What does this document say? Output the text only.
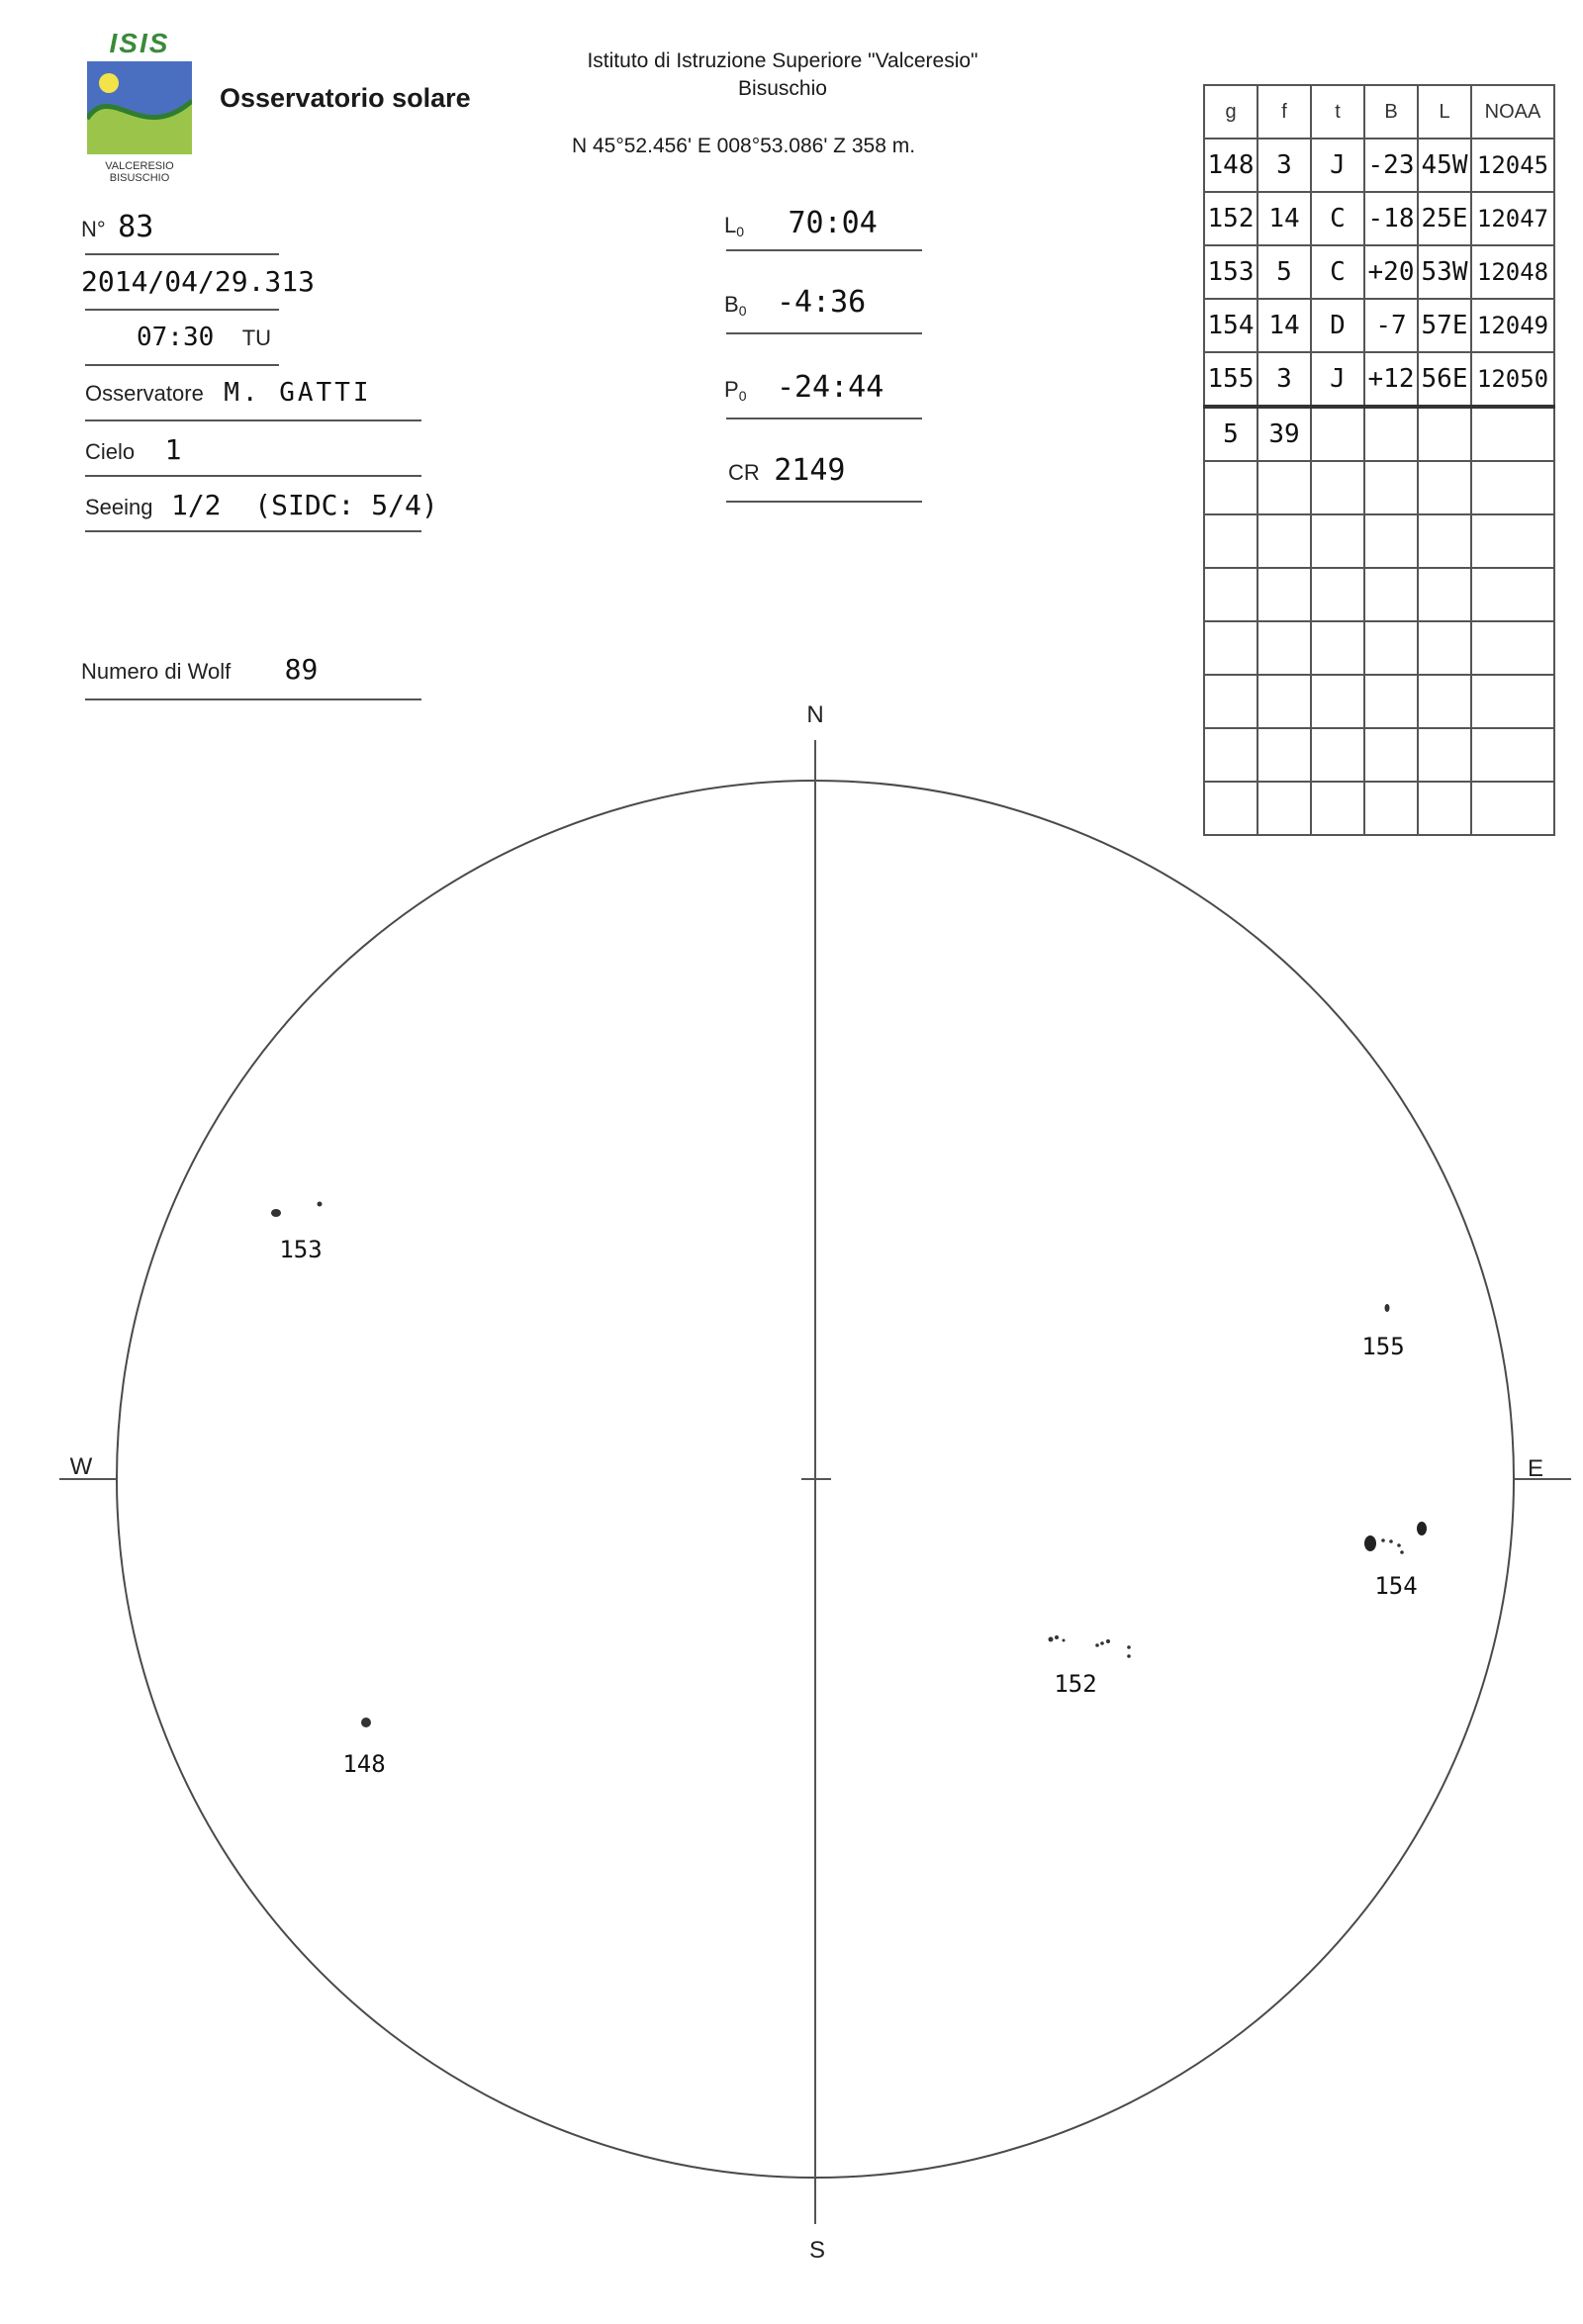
ISIS
VALCERESIO
BISUSCHIO
Osservatorio solare
Istituto di Istruzione Superiore "Valceresio"
Bisuschio
N 45°52.456' E 008°53.086' Z 358 m.
N° 83
2014/04/29.313
07:30 TU
Osservatore M. GATTI
Cielo 1
Seeing 1/2  (SIDC: 5/4)
Numero di Wolf 89
$L_0$ 70:04
$B_0$ -4:36
$P_0$ -24:44
CR 2149
g	f	t	B	L	NOAA
148	3	J	-23	45W	12045
152	14	C	-18	25E	12047
153	5	C	+20	53W	12048
154	14	D	-7	57E	12049
155	3	J	+12	56E	12050
5	39				

N
S
W	E
153
155
154
152
148
